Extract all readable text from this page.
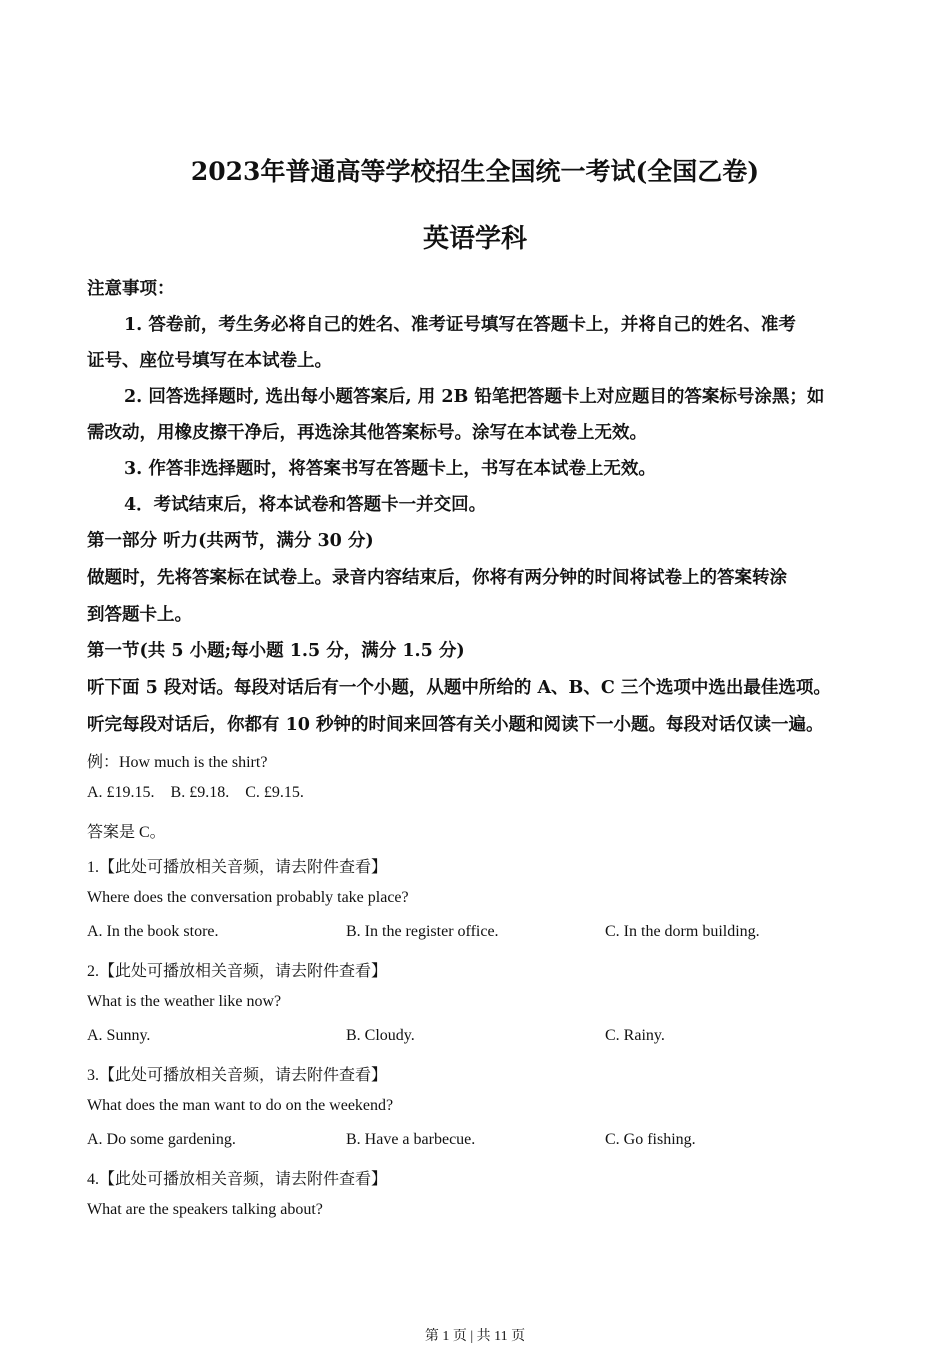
2023年普通高等学校招生全国统一考试(全国乙卷)
英语学科
注意事项：
1. 答卷前，考生务必将自己的姓名、准考证号填写在答题卡上，并将自己的姓名、准考
证号、座位号填写在本试卷上。
2. 回答选择题时, 选出每小题答案后, 用 2B 铅笔把答题卡上对应题目的答案标号涂黑；如
需改动，用橡皮擦干净后，再选涂其他答案标号。涂写在本试卷上无效。
3. 作答非选择题时，将答案书写在答题卡上，书写在本试卷上无效。
4．考试结束后，将本试卷和答题卡一并交回。
第一部分 听力(共两节，满分 30 分)
做题时，先将答案标在试卷上。录音内容结束后，你将有两分钟的时间将试卷上的答案转涂
到答题卡上。
第一节(共 5 小题;每小题 1.5 分，满分 1.5 分)
听下面 5 段对话。每段对话后有一个小题，从题中所给的 A、B、C 三个选项中选出最佳选项。
听完每段对话后，你都有 10 秒钟的时间来回答有关小题和阅读下一小题。每段对话仅读一遍。
例：How much is the shirt?
A. £19.15.    B. £9.18.    C. £9.15.
答案是 C。
1.【此处可播放相关音频，请去附件查看】
Where does the conversation probably take place?
A. In the book store.	B. In the register office.	C. In the dorm building.
2.【此处可播放相关音频，请去附件查看】
What is the weather like now?
A. Sunny.	B. Cloudy.	C. Rainy.
3.【此处可播放相关音频，请去附件查看】
What does the man want to do on the weekend?
A. Do some gardening.	B. Have a barbecue.	C. Go fishing.
4.【此处可播放相关音频，请去附件查看】
What are the speakers talking about?
第 1 页 | 共 11 页
